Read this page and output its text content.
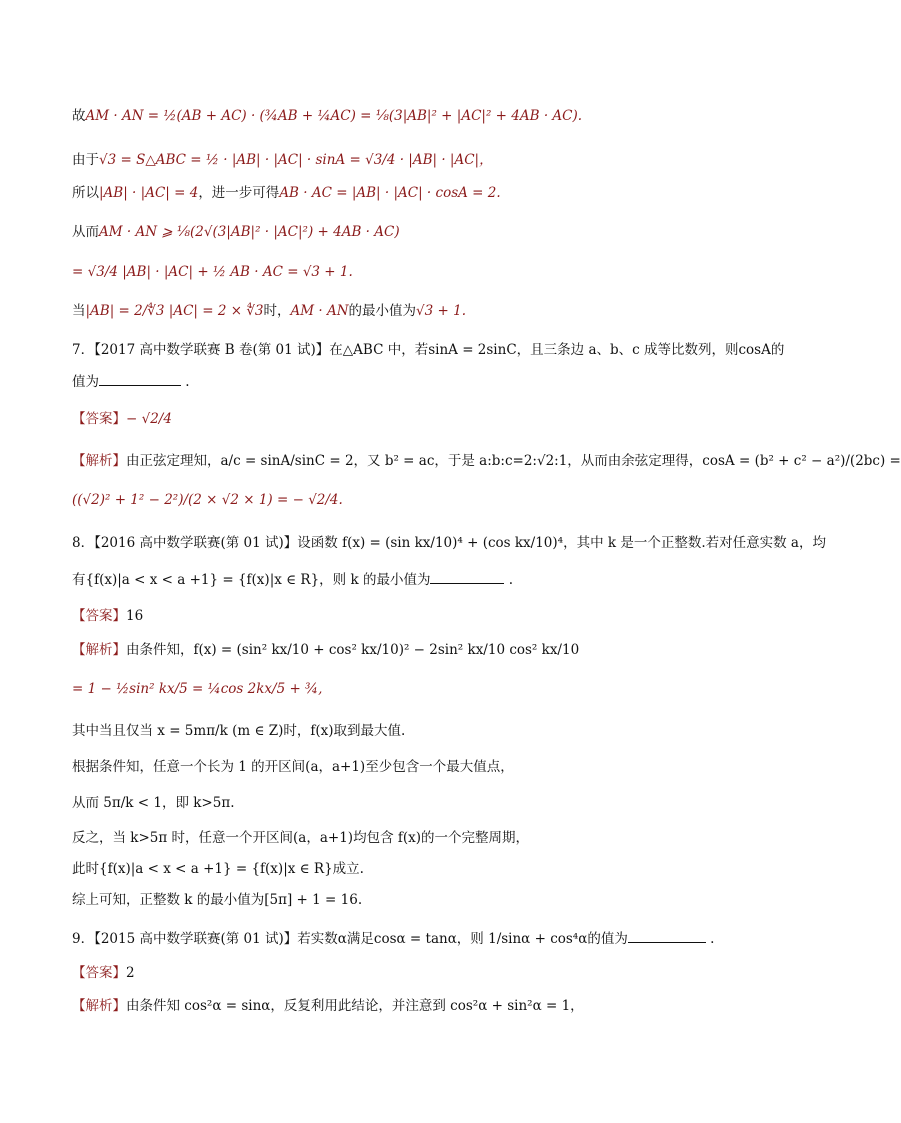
故AM · AN = ½(AB + AC) · (¾AB + ¼AC) = ⅛(3|AB|² + |AC|² + 4AB · AC).
由于√3 = S△ABC = ½ · |AB| · |AC| · sinA = √3/4 · |AB| · |AC|，
所以|AB| · |AC| = 4，进一步可得AB · AC = |AB| · |AC| · cosA = 2.
从而AM · AN ⩾ ⅛(2√(3|AB|² · |AC|²) + 4AB · AC)
= √3/4 |AB| · |AC| + ½ AB · AC = √3 + 1.
当|AB| = 2/∜3 |AC| = 2 × ∜3时，AM · AN的最小值为√3 + 1.
7．【2017 高中数学联赛 B 卷(第 01 试)】在△ABC 中，若sinA = 2sinC，且三条边 a、b、c 成等比数列，则cosA的
值为	.
【答案】− √2/4
【解析】由正弦定理知，a/c = sinA/sinC = 2，又 b² = ac，于是 a:b:c=2:√2:1，从而由余弦定理得，cosA = (b² + c² − a²)/(2bc) =
((√2)² + 1² − 2²)/(2 × √2 × 1) = − √2/4.
8．【2016 高中数学联赛(第 01 试)】设函数 f(x) = (sin kx/10)⁴ + (cos kx/10)⁴，其中 k 是一个正整数.若对任意实数 a，均
有{f(x)|a < x < a +1} = {f(x)|x ∈ R}，则 k 的最小值为	.
【答案】16
【解析】由条件知，f(x) = (sin² kx/10 + cos² kx/10)² − 2sin² kx/10 cos² kx/10
= 1 − ½sin² kx/5 = ¼cos 2kx/5 + ¾,
其中当且仅当 x = 5mπ/k (m ∈ Z)时，f(x)取到最大值.
根据条件知，任意一个长为 1 的开区间(a，a+1)至少包含一个最大值点，
从而 5π/k < 1，即 k>5π.
反之，当 k>5π 时，任意一个开区间(a，a+1)均包含 f(x)的一个完整周期，
此时{f(x)|a < x < a +1} = {f(x)|x ∈ R}成立.
综上可知，正整数 k 的最小值为[5π] + 1 = 16.
9．【2015 高中数学联赛(第 01 试)】若实数α满足cosα = tanα，则 1/sinα + cos⁴α的值为	.
【答案】2
【解析】由条件知 cos²α = sinα，反复利用此结论，并注意到 cos²α + sin²α = 1，
